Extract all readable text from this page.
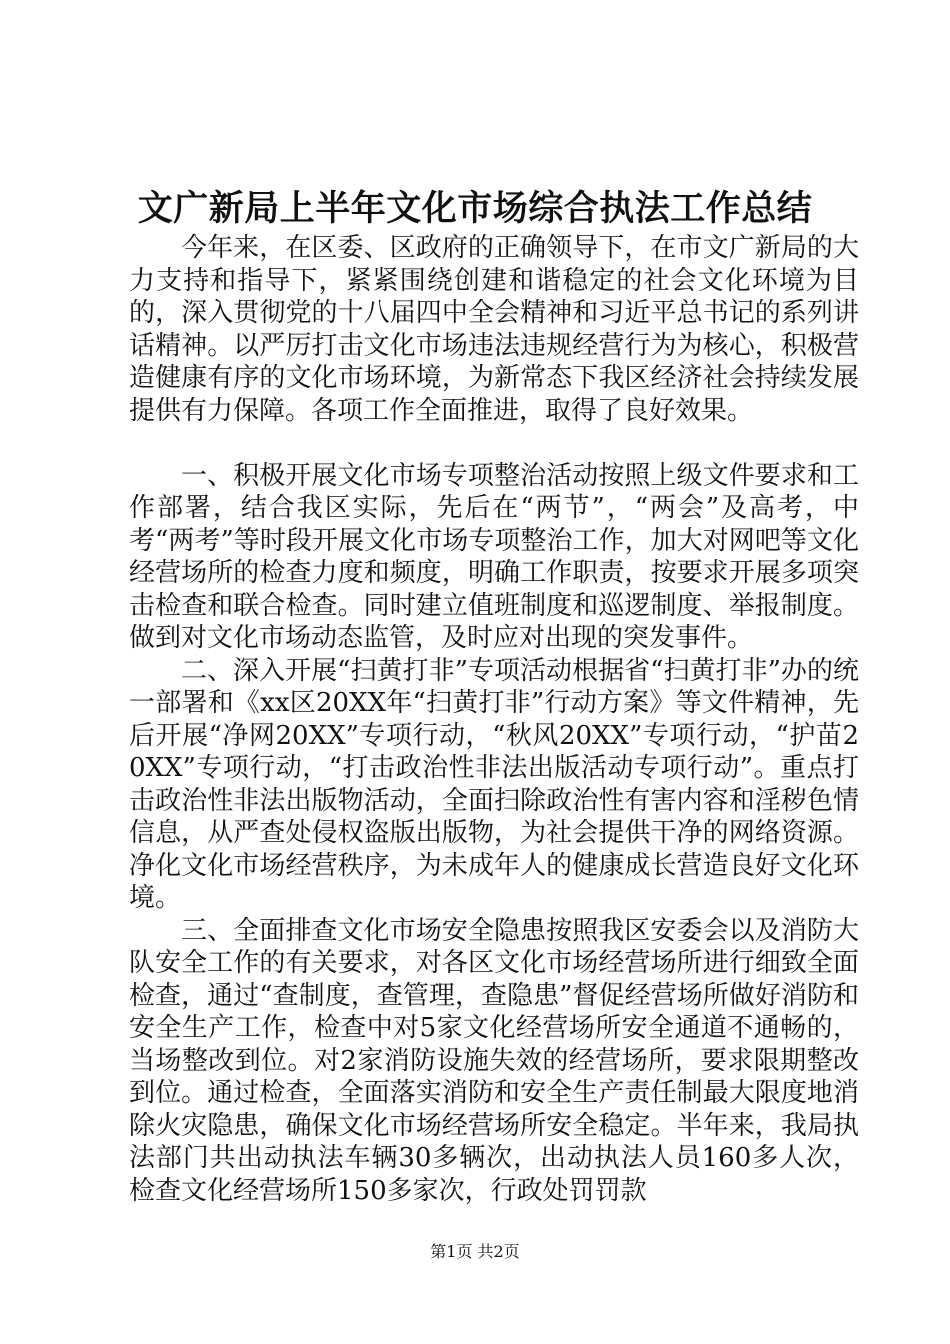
文广新局上半年文化市场综合执法工作总结

今年来，在区委、区政府的正确领导下，在市文广新局的大力支持和指导下，紧紧围绕创建和谐稳定的社会文化环境为目的，深入贯彻党的十八届四中全会精神和习近平总书记的系列讲话精神。以严厉打击文化市场违法违规经营行为为核心，积极营造健康有序的文化市场环境，为新常态下我区经济社会持续发展提供有力保障。各项工作全面推进，取得了良好效果。

一、积极开展文化市场专项整治活动按照上级文件要求和工作部署，结合我区实际，先后在“两节”，“两会”及高考，中考“两考”等时段开展文化市场专项整治工作，加大对网吧等文化经营场所的检查力度和频度，明确工作职责，按要求开展多项突击检查和联合检查。同时建立值班制度和巡逻制度、举报制度。做到对文化市场动态监管，及时应对出现的突发事件。

二、深入开展“扫黄打非”专项活动根据省“扫黄打非”办的统一部署和《xx区20XX年“扫黄打非”行动方案》等文件精神，先后开展“净网20XX”专项行动，“秋风20XX”专项行动，“护苗20XX”专项行动，“打击政治性非法出版活动专项行动”。重点打击政治性非法出版物活动，全面扫除政治性有害内容和淫秽色情信息，从严查处侵权盗版出版物，为社会提供干净的网络资源。净化文化市场经营秩序，为未成年人的健康成长营造良好文化环境。

三、全面排查文化市场安全隐患按照我区安委会以及消防大队安全工作的有关要求，对各区文化市场经营场所进行细致全面检查，通过“查制度，查管理，查隐患”督促经营场所做好消防和安全生产工作，检查中对5家文化经营场所安全通道不通畅的，当场整改到位。对2家消防设施失效的经营场所，要求限期整改到位。通过检查，全面落实消防和安全生产责任制最大限度地消除火灾隐患，确保文化市场经营场所安全稳定。半年来，我局执法部门共出动执法车辆30多辆次，出动执法人员160多人次，检查文化经营场所150多家次，行政处罚罚款

第1页 共2页
